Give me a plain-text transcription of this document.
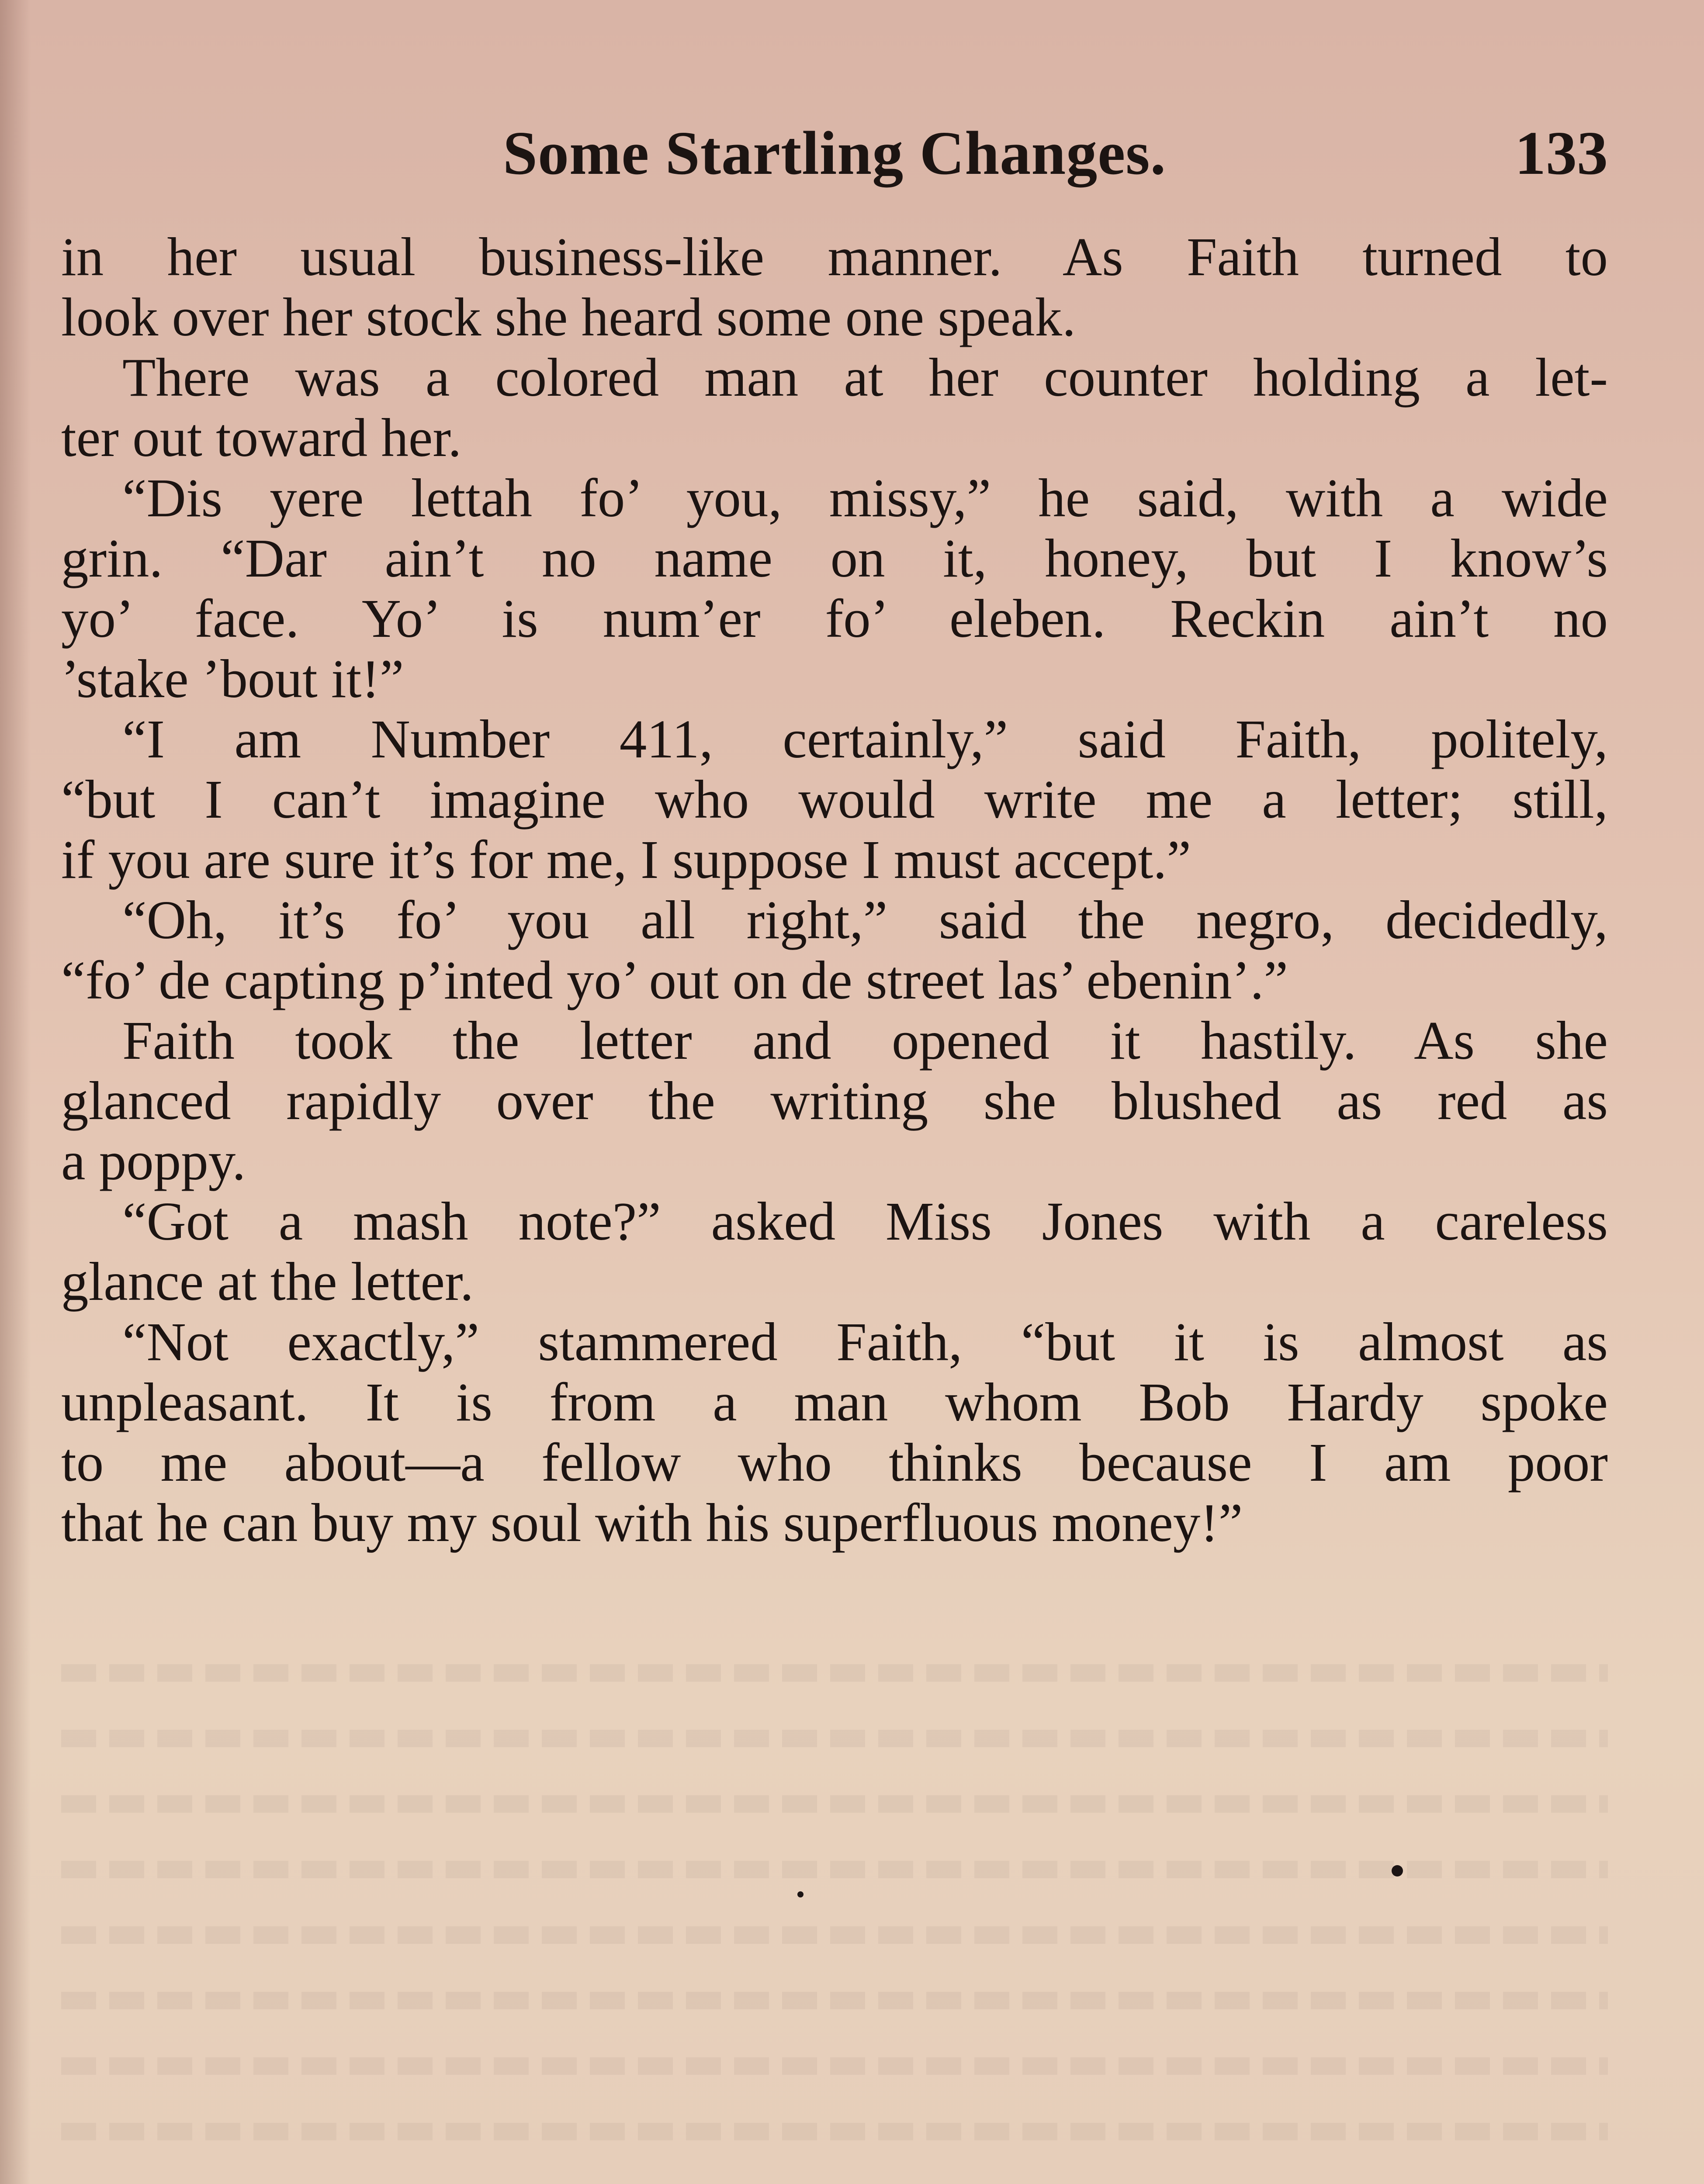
Some Startling Changes.	133

in her usual business-like manner. As Faith turned to

look over her stock she heard some one speak.

There was a colored man at her counter holding a let-

ter out toward her.

“Dis yere lettah fo’ you, missy,” he said, with a wide

grin. “Dar ain’t no name on it, honey, but I know’s

yo’ face. Yo’ is num’er fo’ eleben. Reckin ain’t no

’stake ’bout it!”

“I am Number 411, certainly,” said Faith, politely,

“but I can’t imagine who would write me a letter; still,

if you are sure it’s for me, I suppose I must accept.”

“Oh, it’s fo’ you all right,” said the negro, decidedly,

“fo’ de capting p’inted yo’ out on de street las’ ebenin’.”

Faith took the letter and opened it hastily. As she

glanced rapidly over the writing she blushed as red as

a poppy.

“Got a mash note?” asked Miss Jones with a careless

glance at the letter.

“Not exactly,” stammered Faith, “but it is almost as

unpleasant. It is from a man whom Bob Hardy spoke

to me about—a fellow who thinks because I am poor

that he can buy my soul with his superfluous money!”
